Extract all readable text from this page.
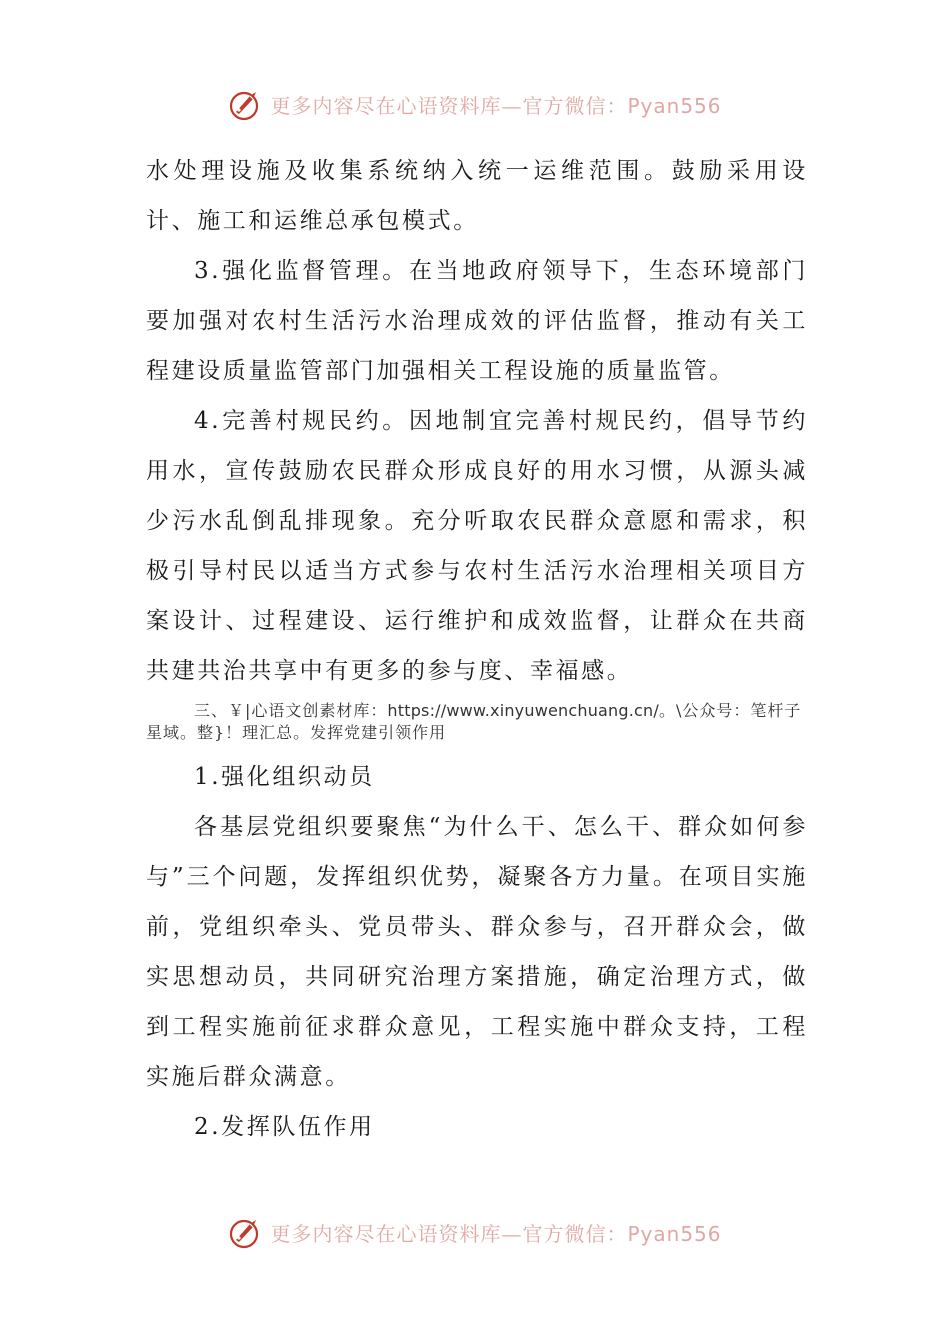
更多内容尽在心语资料库—官方微信：Pyan556

水处理设施及收集系统纳入统一运维范围。鼓励采用设计、施工和运维总承包模式。

3.强化监督管理。在当地政府领导下，生态环境部门要加强对农村生活污水治理成效的评估监督，推动有关工程建设质量监管部门加强相关工程设施的质量监管。

4.完善村规民约。因地制宜完善村规民约，倡导节约用水，宣传鼓励农民群众形成良好的用水习惯，从源头减少污水乱倒乱排现象。充分听取农民群众意愿和需求，积极引导村民以适当方式参与农村生活污水治理相关项目方案设计、过程建设、运行维护和成效监督，让群众在共商共建共治共享中有更多的参与度、幸福感。

三、￥|心语文创素材库：https://www.xinyuwenchuang.cn/。\公众号：笔杆子星域。整}！理汇总。发挥党建引领作用

1.强化组织动员

各基层党组织要聚焦“为什么干、怎么干、群众如何参与”三个问题，发挥组织优势，凝聚各方力量。在项目实施前，党组织牵头、党员带头、群众参与，召开群众会，做实思想动员，共同研究治理方案措施，确定治理方式，做到工程实施前征求群众意见，工程实施中群众支持，工程实施后群众满意。

2.发挥队伍作用

更多内容尽在心语资料库—官方微信：Pyan556
